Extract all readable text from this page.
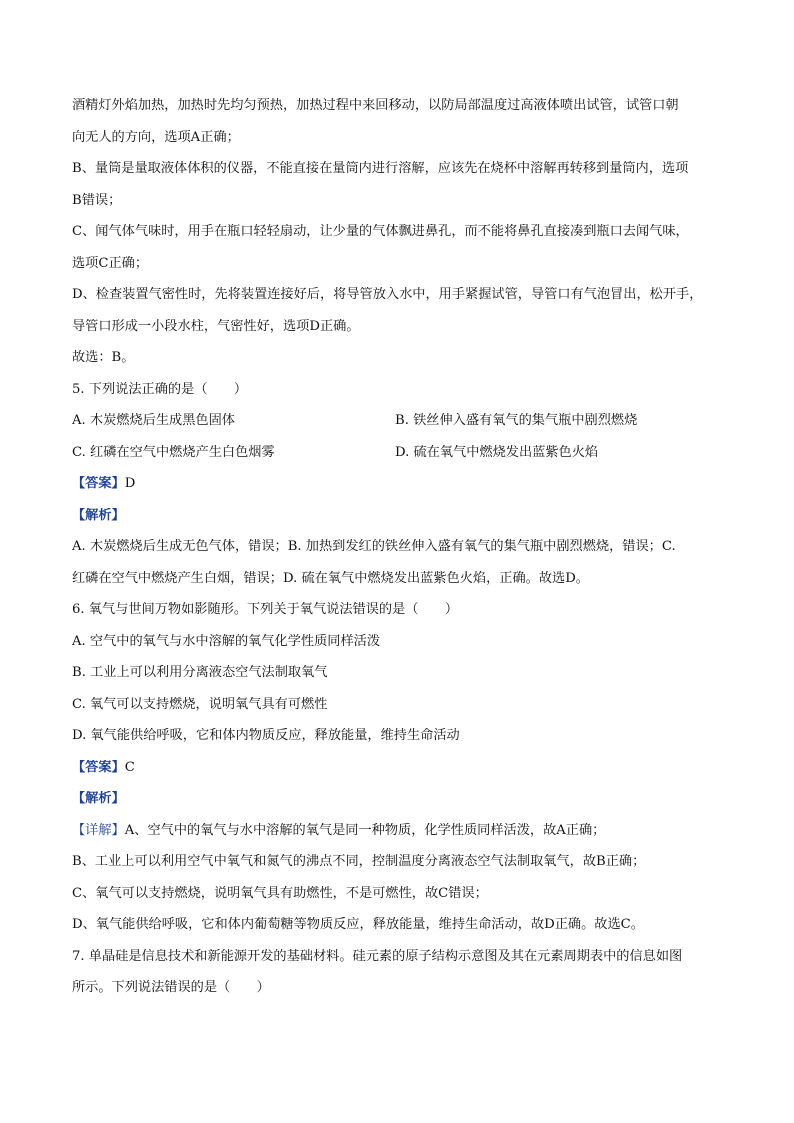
酒精灯外焰加热，加热时先均匀预热，加热过程中来回移动，以防局部温度过高液体喷出试管，试管口朝

向无人的方向，选项A正确；

B、量筒是量取液体体积的仪器，不能直接在量筒内进行溶解，应该先在烧杯中溶解再转移到量筒内，选项

B错误；

C、闻气体气味时，用手在瓶口轻轻扇动，让少量的气体飘进鼻孔，而不能将鼻孔直接凑到瓶口去闻气味，

选项C正确；

D、检查装置气密性时，先将装置连接好后，将导管放入水中，用手紧握试管，导管口有气泡冒出，松开手，

导管口形成一小段水柱，气密性好，选项D正确。

故选：B。

5. 下列说法正确的是（　　）

A. 木炭燃烧后生成黑色固体	B. 铁丝伸入盛有氧气的集气瓶中剧烈燃烧
C. 红磷在空气中燃烧产生白色烟雾	D. 硫在氧气中燃烧发出蓝紫色火焰

【答案】D

【解析】

A. 木炭燃烧后生成无色气体，错误；B. 加热到发红的铁丝伸入盛有氧气的集气瓶中剧烈燃烧，错误；C.

红磷在空气中燃烧产生白烟，错误；D. 硫在氧气中燃烧发出蓝紫色火焰，正确。故选D。

6. 氧气与世间万物如影随形。下列关于氧气说法错误的是（　　）

A. 空气中的氧气与水中溶解的氧气化学性质同样活泼

B. 工业上可以利用分离液态空气法制取氧气

C. 氧气可以支持燃烧，说明氧气具有可燃性

D. 氧气能供给呼吸，它和体内物质反应，释放能量，维持生命活动

【答案】C

【解析】

【详解】A、空气中的氧气与水中溶解的氧气是同一种物质，化学性质同样活泼，故A正确；

B、工业上可以利用空气中氧气和氮气的沸点不同，控制温度分离液态空气法制取氧气，故B正确；

C、氧气可以支持燃烧，说明氧气具有助燃性，不是可燃性，故C错误；

D、氧气能供给呼吸，它和体内葡萄糖等物质反应，释放能量，维持生命活动，故D正确。故选C。

7. 单晶硅是信息技术和新能源开发的基础材料。硅元素的原子结构示意图及其在元素周期表中的信息如图

所示。下列说法错误的是（　　）
